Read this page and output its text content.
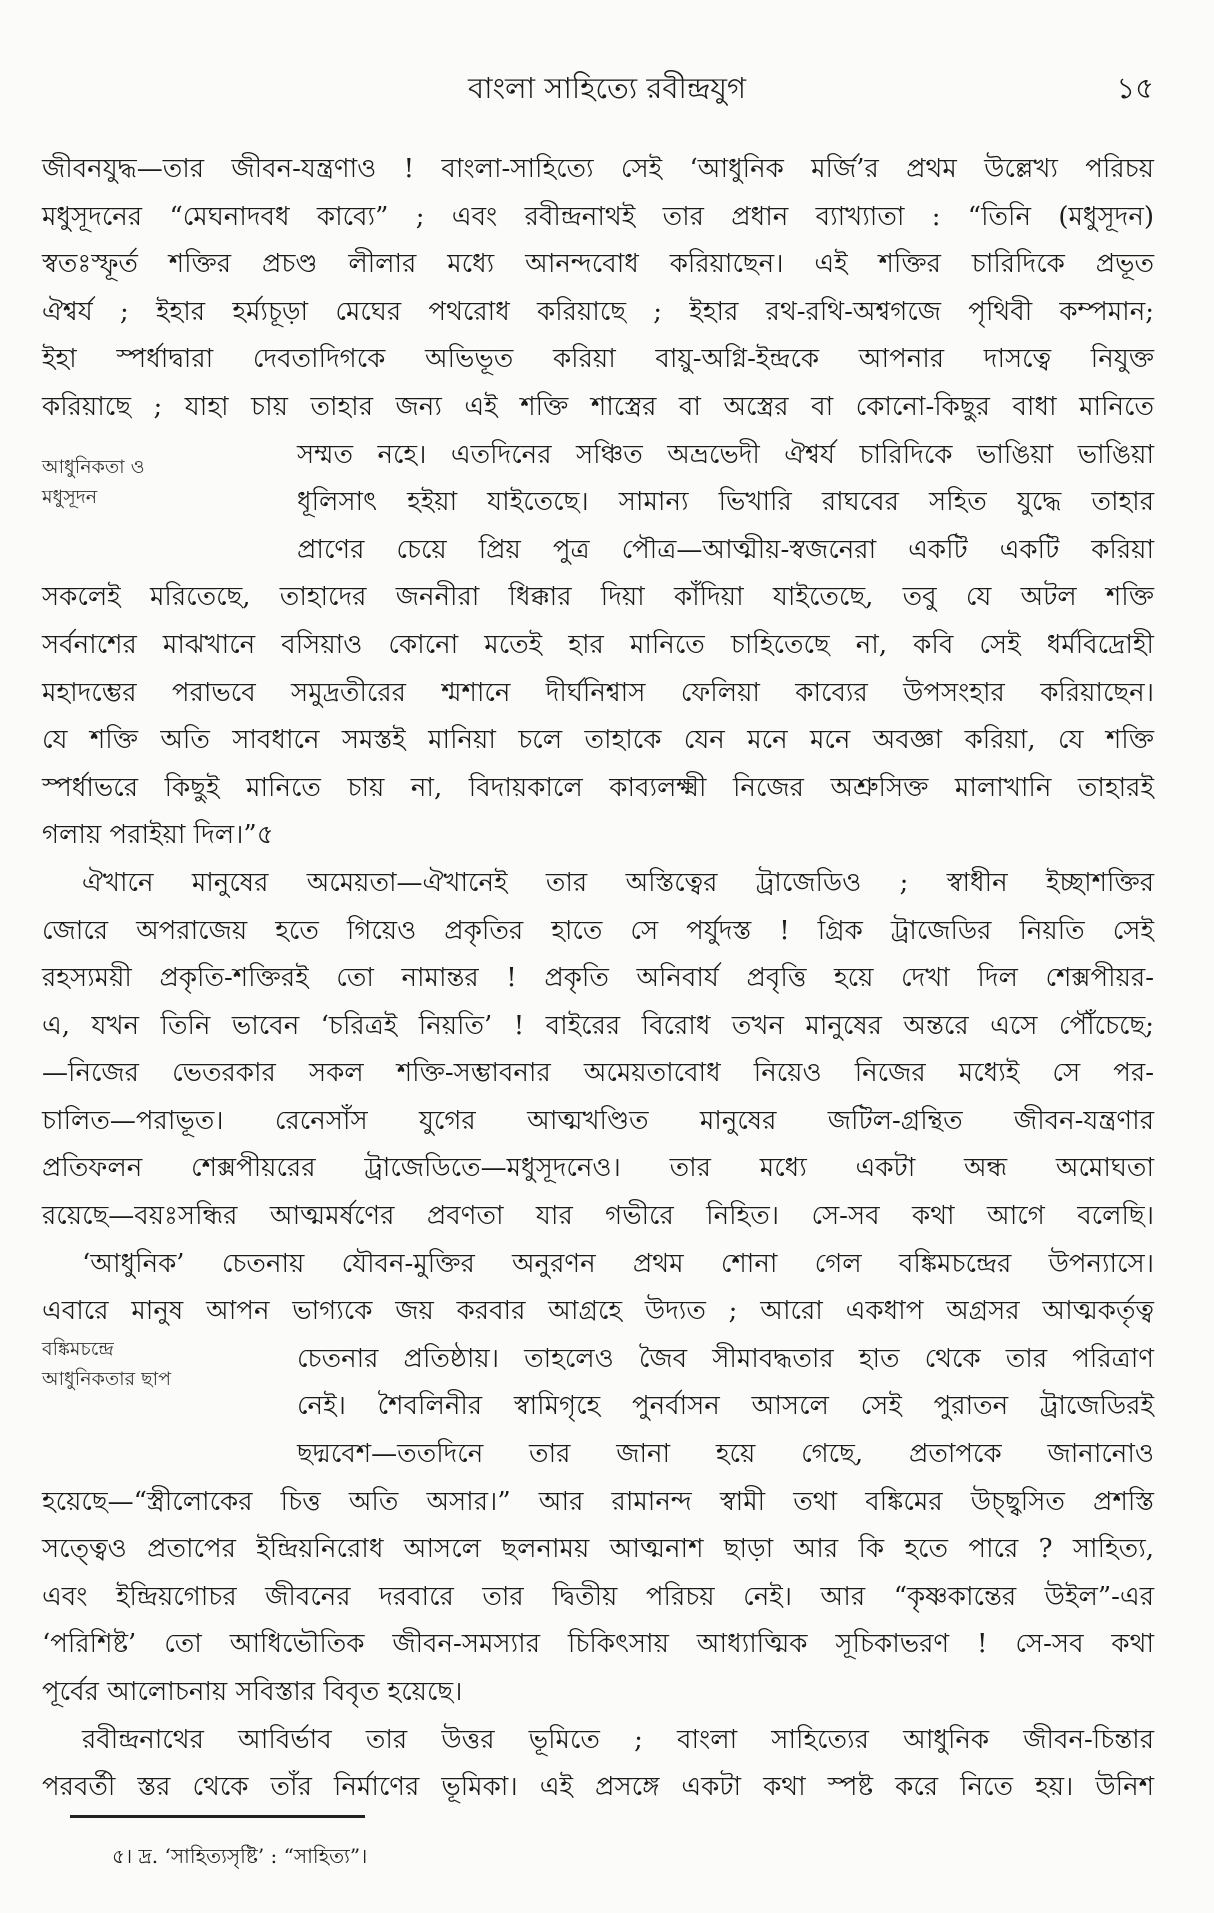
বাংলা সাহিত্যে রবীন্দ্রযুগ	১৫
জীবনযুদ্ধ—তার জীবন-যন্ত্রণাও ! বাংলা-সাহিত্যে সেই ‘আধুনিক মর্জি’র প্রথম উল্লেখ্য পরিচয়
মধুসূদনের “মেঘনাদবধ কাব্যে” ; এবং রবীন্দ্রনাথই তার প্রধান ব্যাখ্যাতা : “তিনি (মধুসূদন)
স্বতঃস্ফূর্ত শক্তির প্রচণ্ড লীলার মধ্যে আনন্দবোধ করিয়াছেন। এই শক্তির চারিদিকে প্রভূত
ঐশ্বর্য ; ইহার হর্ম্যচূড়া মেঘের পথরোধ করিয়াছে ; ইহার রথ-রথি-অশ্বগজে পৃথিবী কম্পমান;
ইহা স্পর্ধাদ্বারা দেবতাদিগকে অভিভূত করিয়া বায়ু-অগ্নি-ইন্দ্রকে আপনার দাসত্বে নিযুক্ত
করিয়াছে ; যাহা চায় তাহার জন্য এই শক্তি শাস্ত্রের বা অস্ত্রের বা কোনো-কিছুর বাধা মানিতে
সম্মত নহে। এতদিনের সঞ্চিত অভ্রভেদী ঐশ্বর্য চারিদিকে ভাঙিয়া ভাঙিয়া
ধূলিসাৎ হইয়া যাইতেছে। সামান্য ভিখারি রাঘবের সহিত যুদ্ধে তাহার
প্রাণের চেয়ে প্রিয় পুত্র পৌত্র—আত্মীয়-স্বজনেরা একটি একটি করিয়া
সকলেই মরিতেছে, তাহাদের জননীরা ধিক্কার দিয়া কাঁদিয়া যাইতেছে, তবু যে অটল শক্তি
সর্বনাশের মাঝখানে বসিয়াও কোনো মতেই হার মানিতে চাহিতেছে না, কবি সেই ধর্মবিদ্রোহী
মহাদম্ভের পরাভবে সমুদ্রতীরের শ্মশানে দীর্ঘনিশ্বাস ফেলিয়া কাব্যের উপসংহার করিয়াছেন।
যে শক্তি অতি সাবধানে সমস্তই মানিয়া চলে তাহাকে যেন মনে মনে অবজ্ঞা করিয়া, যে শক্তি
স্পর্ধাভরে কিছুই মানিতে চায় না, বিদায়কালে কাব্যলক্ষ্মী নিজের অশ্রুসিক্ত মালাখানি তাহারই
গলায় পরাইয়া দিল।”৫
ঐখানে মানুষের অমেয়তা—ঐখানেই তার অস্তিত্বের ট্রাজেডিও ; স্বাধীন ইচ্ছাশক্তির
জোরে অপরাজেয় হতে গিয়েও প্রকৃতির হাতে সে পর্যুদস্ত ! গ্রিক ট্রাজেডির নিয়তি সেই
রহস্যময়ী প্রকৃতি-শক্তিরই তো নামান্তর ! প্রকৃতি অনিবার্য প্রবৃত্তি হয়ে দেখা দিল শেক্সপীয়র-
এ, যখন তিনি ভাবেন ‘চরিত্রই নিয়তি’ ! বাইরের বিরোধ তখন মানুষের অন্তরে এসে পৌঁচেছে;
—নিজের ভেতরকার সকল শক্তি-সম্ভাবনার অমেয়তাবোধ নিয়েও নিজের মধ্যেই সে পর-
চালিত—পরাভূত। রেনেসাঁস যুগের আত্মখণ্ডিত মানুষের জটিল-গ্রন্থিত জীবন-যন্ত্রণার
প্রতিফলন শেক্সপীয়রের ট্রাজেডিতে—মধুসূদনেও। তার মধ্যে একটা অন্ধ অমোঘতা
রয়েছে—বয়ঃসন্ধির আত্মমর্ষণের প্রবণতা যার গভীরে নিহিত। সে-সব কথা আগে বলেছি।
‘আধুনিক’ চেতনায় যৌবন-মুক্তির অনুরণন প্রথম শোনা গেল বঙ্কিমচন্দ্রের উপন্যাসে।
এবারে মানুষ আপন ভাগ্যকে জয় করবার আগ্রহে উদ্যত ; আরো একধাপ অগ্রসর আত্মকর্তৃত্ব
চেতনার প্রতিষ্ঠায়। তাহলেও জৈব সীমাবদ্ধতার হাত থেকে তার পরিত্রাণ
নেই। শৈবলিনীর স্বামিগৃহে পুনর্বাসন আসলে সেই পুরাতন ট্রাজেডিরই
ছদ্মবেশ—ততদিনে তার জানা হয়ে গেছে, প্রতাপকে জানানোও
হয়েছে—“স্ত্রীলোকের চিত্ত অতি অসার।” আর রামানন্দ স্বামী তথা বঙ্কিমের উচ্ছ্বসিত প্রশস্তি
সত্ত্বেও প্রতাপের ইন্দ্রিয়নিরোধ আসলে ছলনাময় আত্মনাশ ছাড়া আর কি হতে পারে ? সাহিত্য,
এবং ইন্দ্রিয়গোচর জীবনের দরবারে তার দ্বিতীয় পরিচয় নেই। আর “কৃষ্ণকান্তের উইল”-এর
‘পরিশিষ্ট’ তো আধিভৌতিক জীবন-সমস্যার চিকিৎসায় আধ্যাত্মিক সূচিকাভরণ ! সে-সব কথা
পূর্বের আলোচনায় সবিস্তার বিবৃত হয়েছে।
রবীন্দ্রনাথের আবির্ভাব তার উত্তর ভূমিতে ; বাংলা সাহিত্যের আধুনিক জীবন-চিন্তার
পরবর্তী স্তর থেকে তাঁর নির্মাণের ভূমিকা। এই প্রসঙ্গে একটা কথা স্পষ্ট করে নিতে হয়। উনিশ
আধুনিকতা ও
মধুসূদন
বঙ্কিমচন্দ্রে
আধুনিকতার ছাপ
৫। দ্র. ‘সাহিত্যসৃষ্টি’ : “সাহিত্য”।
